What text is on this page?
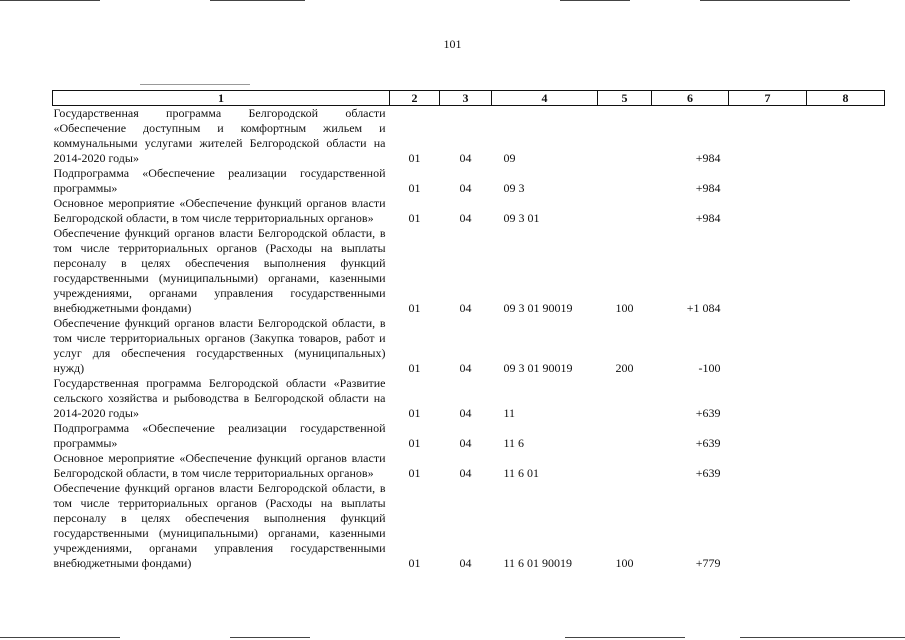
101
1	2	3	4	5	6	7	8
Государственная программа Белгородской области «Обеспечение доступным и комфортным жильем и коммунальными услугами жителей Белгородской области на 2014-2020 годы»	01	04	09		+984		
Подпрограмма «Обеспечение реализации государственной программы»	01	04	09 3		+984		
Основное мероприятие «Обеспечение функций органов власти Белгородской области, в том числе территориальных органов»	01	04	09 3 01		+984		
Обеспечение функций органов власти Белгородской области, в том числе территориальных органов (Расходы на выплаты персоналу в целях обеспечения выполнения функций государственными (муниципальными) органами, казенными учреждениями, органами управления государственными внебюджетными фондами)	01	04	09 3 01 90019	100	+1 084		
Обеспечение функций органов власти Белгородской области, в том числе территориальных органов (Закупка товаров, работ и услуг для обеспечения государственных (муниципальных) нужд)	01	04	09 3 01 90019	200	-100		
Государственная программа Белгородской области «Развитие сельского хозяйства и рыбоводства в Белгородской области на 2014-2020 годы»	01	04	11		+639		
Подпрограмма «Обеспечение реализации государственной программы»	01	04	11 6		+639		
Основное мероприятие «Обеспечение функций органов власти Белгородской области, в том числе территориальных органов»	01	04	11 6 01		+639		
Обеспечение функций органов власти Белгородской области, в том числе территориальных органов (Расходы на выплаты персоналу в целях обеспечения выполнения функций государственными (муниципальными) органами, казенными учреждениями, органами управления государственными внебюджетными фондами)	01	04	11 6 01 90019	100	+779		
